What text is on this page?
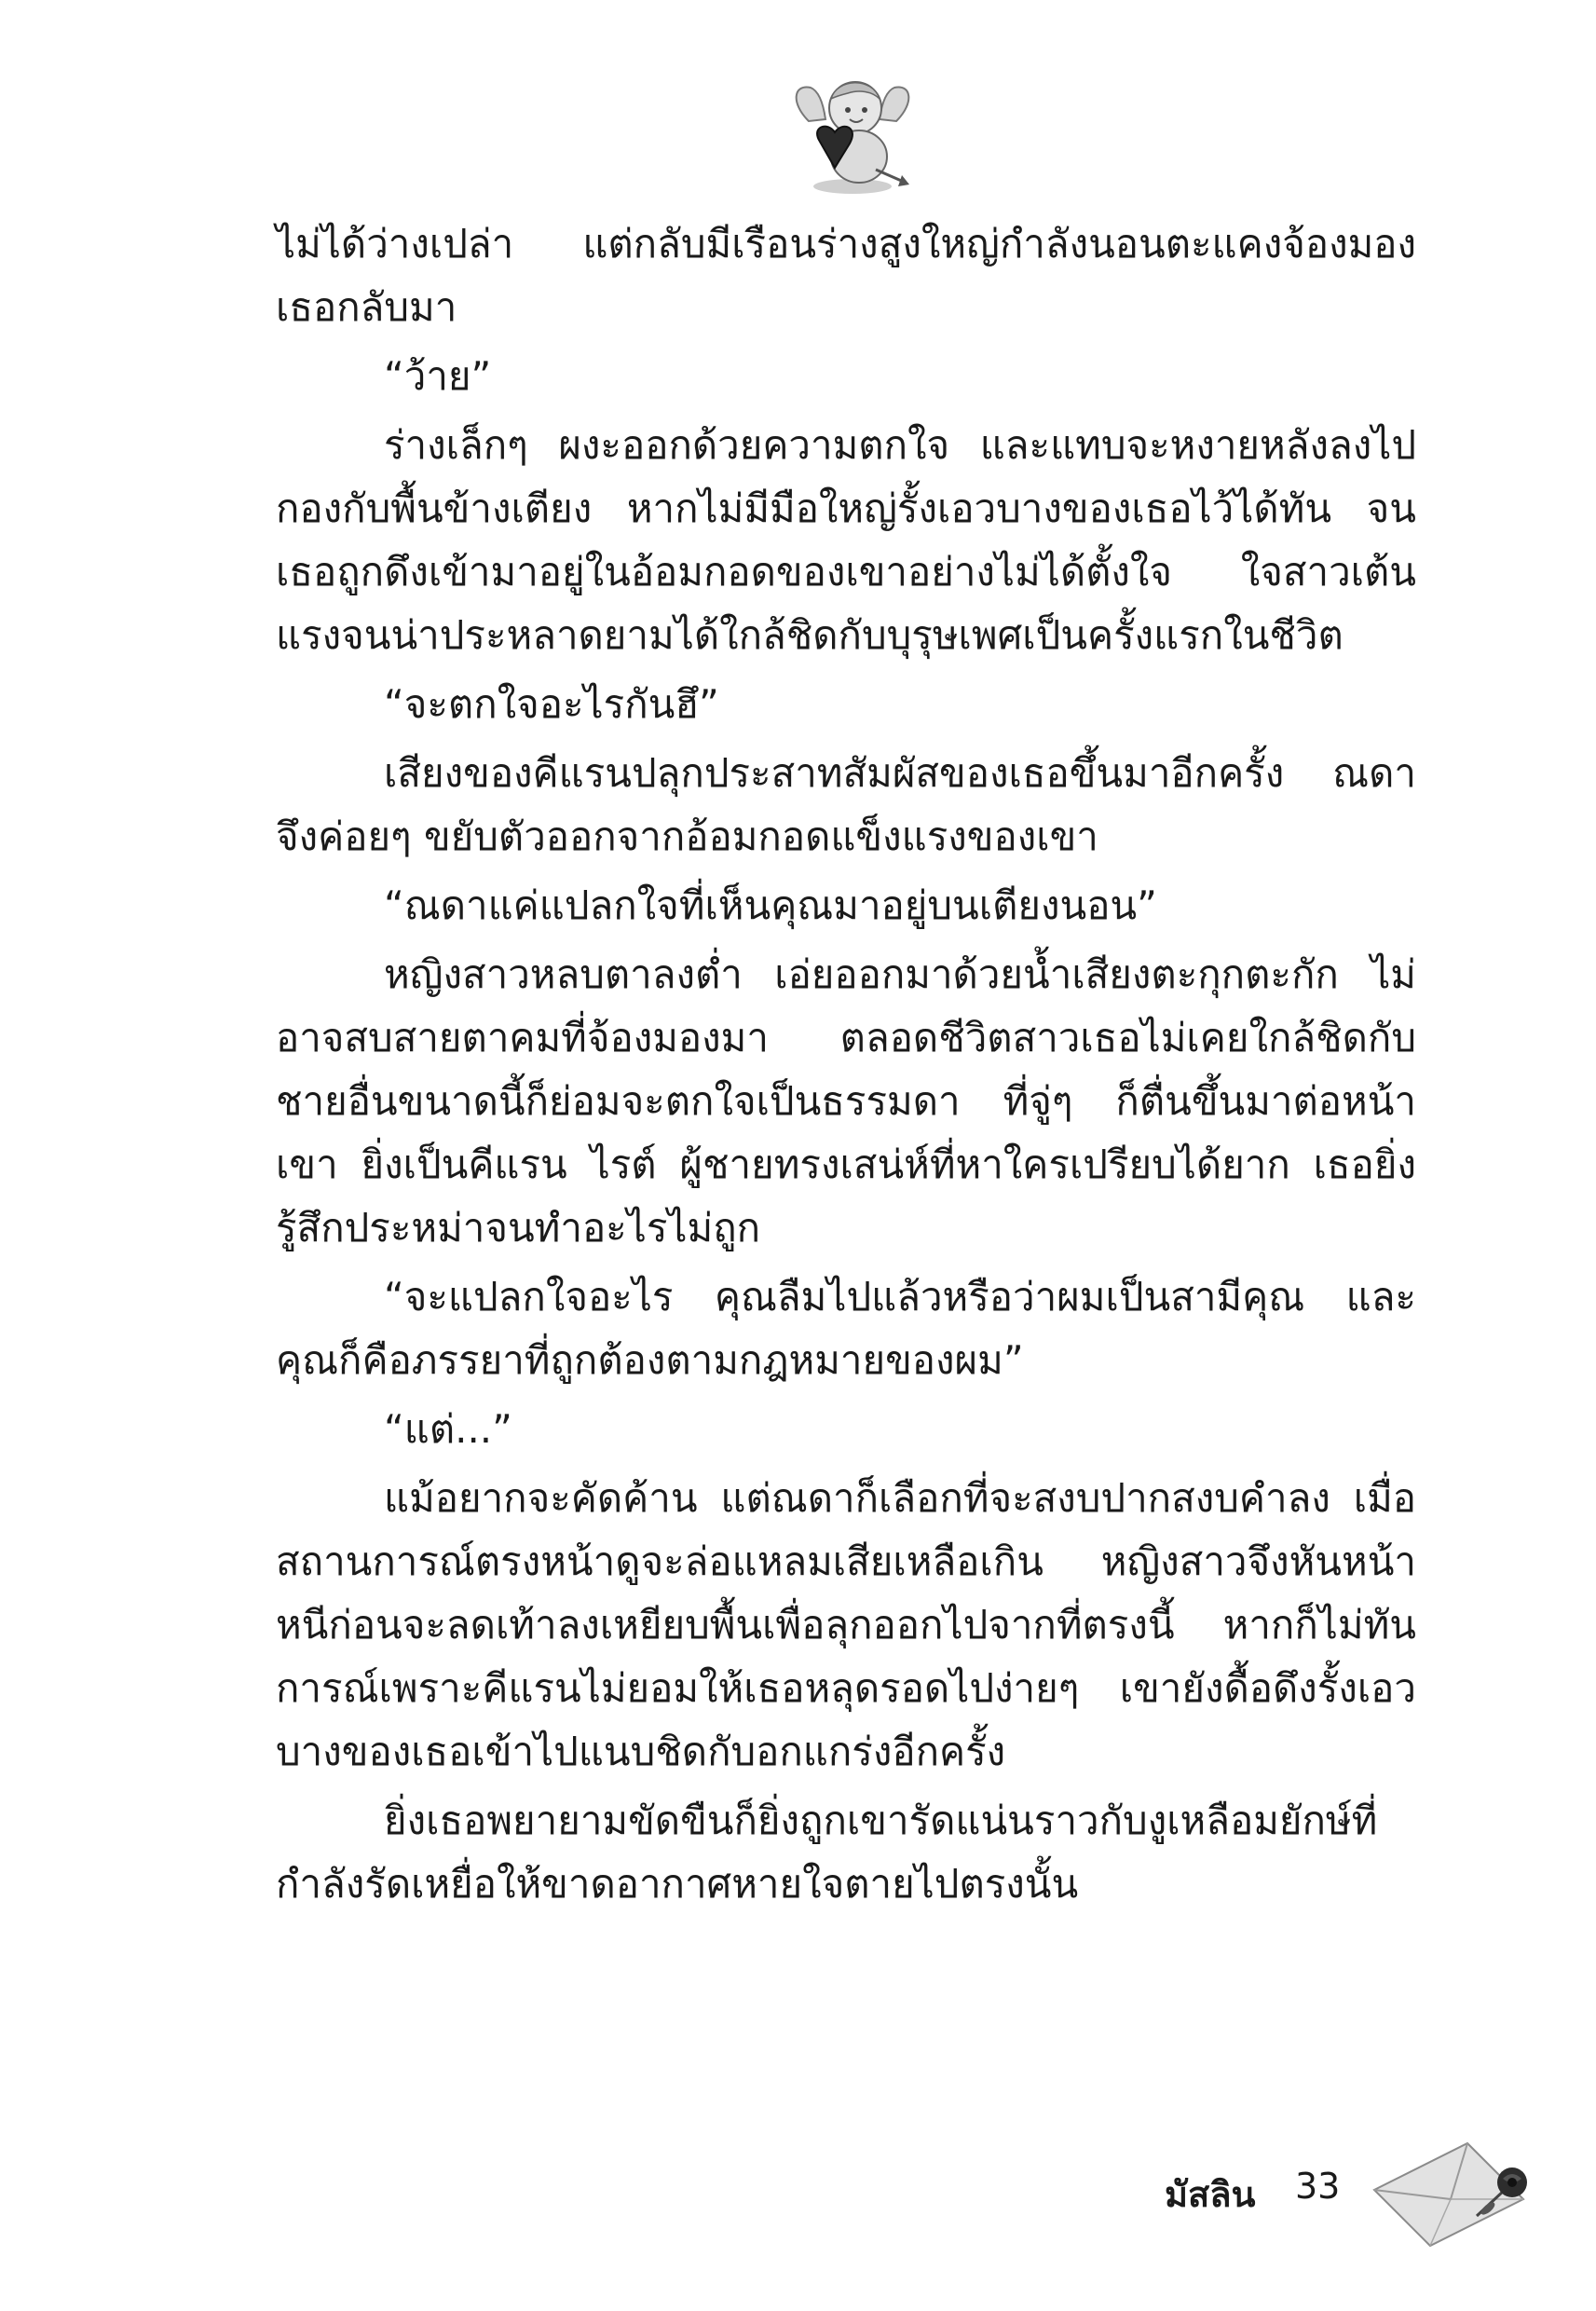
ไม่ได้ว่างเปล่า แต่กลับมีเรือนร่างสูงใหญ่กำลังนอนตะแคงจ้องมองเธอกลับมา

“ว้าย”

ร่างเล็กๆ ผงะออกด้วยความตกใจ และแทบจะหงายหลังลงไปกองกับพื้นข้างเตียง หากไม่มีมือใหญ่รั้งเอวบางของเธอไว้ได้ทัน จนเธอถูกดึงเข้ามาอยู่ในอ้อมกอดของเขาอย่างไม่ได้ตั้งใจ ใจสาวเต้นแรงจนน่าประหลาดยามได้ใกล้ชิดกับบุรุษเพศเป็นครั้งแรกในชีวิต

“จะตกใจอะไรกันฮึ”

เสียงของคีแรนปลุกประสาทสัมผัสของเธอขึ้นมาอีกครั้ง ณดาจึงค่อยๆ ขยับตัวออกจากอ้อมกอดแข็งแรงของเขา

“ณดาแค่แปลกใจที่เห็นคุณมาอยู่บนเตียงนอน”

หญิงสาวหลบตาลงต่ำ เอ่ยออกมาด้วยน้ำเสียงตะกุกตะกัก ไม่อาจสบสายตาคมที่จ้องมองมา ตลอดชีวิตสาวเธอไม่เคยใกล้ชิดกับชายอื่นขนาดนี้ก็ย่อมจะตกใจเป็นธรรมดา ที่จู่ๆ ก็ตื่นขึ้นมาต่อหน้าเขา ยิ่งเป็นคีแรน ไรต์ ผู้ชายทรงเสน่ห์ที่หาใครเปรียบได้ยาก เธอยิ่งรู้สึกประหม่าจนทำอะไรไม่ถูก

“จะแปลกใจอะไร คุณลืมไปแล้วหรือว่าผมเป็นสามีคุณ และคุณก็คือภรรยาที่ถูกต้องตามกฎหมายของผม”

“แต่...”

แม้อยากจะคัดค้าน แต่ณดาก็เลือกที่จะสงบปากสงบคำลง เมื่อสถานการณ์ตรงหน้าดูจะล่อแหลมเสียเหลือเกิน หญิงสาวจึงหันหน้าหนีก่อนจะลดเท้าลงเหยียบพื้นเพื่อลุกออกไปจากที่ตรงนี้ หากก็ไม่ทันการณ์เพราะคีแรนไม่ยอมให้เธอหลุดรอดไปง่ายๆ เขายังดื้อดึงรั้งเอวบางของเธอเข้าไปแนบชิดกับอกแกร่งอีกครั้ง

ยิ่งเธอพยายามขัดขืนก็ยิ่งถูกเขารัดแน่นราวกับงูเหลือมยักษ์ที่กำลังรัดเหยื่อให้ขาดอากาศหายใจตายไปตรงนั้น

มัสลิน 33
